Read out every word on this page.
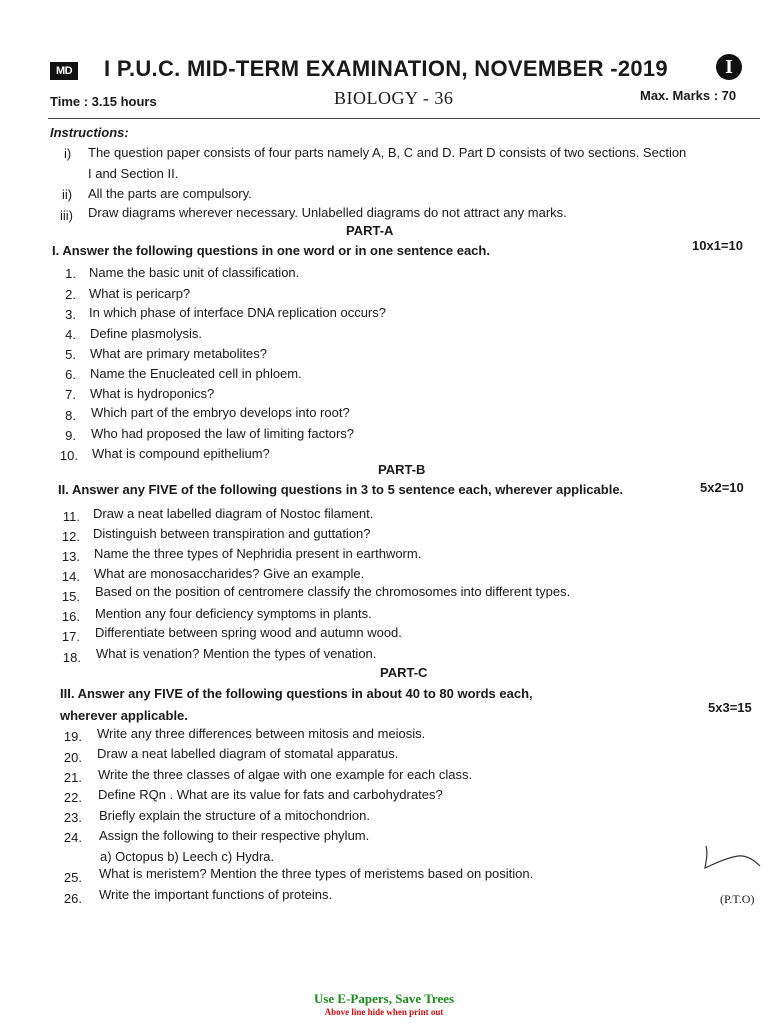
MD I P.U.C. MID-TERM EXAMINATION, NOVEMBER -2019	I
Time : 3.15 hours	BIOLOGY - 36	Max. Marks : 70
Instructions:
i) The question paper consists of four parts namely A, B, C and D. Part D consists of two sections. Section
I and Section II.
ii) All the parts are compulsory.
iii) Draw diagrams wherever necessary. Unlabelled diagrams do not attract any marks.
PART-A
I. Answer the following questions in one word or in one sentence each.	10x1=10
1. Name the basic unit of classification.
2. What is pericarp?
3. In which phase of interface DNA replication occurs?
4. Define plasmolysis.
5. What are primary metabolites?
6. Name the Enucleated cell in phloem.
7. What is hydroponics?
8. Which part of the embryo develops into root?
9. Who had proposed the law of limiting factors?
10. What is compound epithelium?
PART-B
II. Answer any FIVE of the following questions in 3 to 5 sentence each, wherever applicable.	5x2=10
11. Draw a neat labelled diagram of Nostoc filament.
12. Distinguish between transpiration and guttation?
13. Name the three types of Nephridia present in earthworm.
14. What are monosaccharides? Give an example.
15. Based on the position of centromere classify the chromosomes into different types.
16. Mention any four deficiency symptoms in plants.
17. Differentiate between spring wood and autumn wood.
18. What is venation? Mention the types of venation.
PART-C
III. Answer any FIVE of the following questions in about 40 to 80 words each,
wherever applicable.
5x3=15
19. Write any three differences between mitosis and meiosis.
20. Draw a neat labelled diagram of stomatal apparatus.
21. Write the three classes of algae with one example for each class.
22. Define RQn . What are its value for fats and carbohydrates?
23. Briefly explain the structure of a mitochondrion.
24. Assign the following to their respective phylum.
a) Octopus b) Leech c) Hydra.
25. What is meristem? Mention the three types of meristems based on position.
26. Write the important functions of proteins.	(P.T.O)
Use E-Papers, Save Trees
Above line hide when print out
